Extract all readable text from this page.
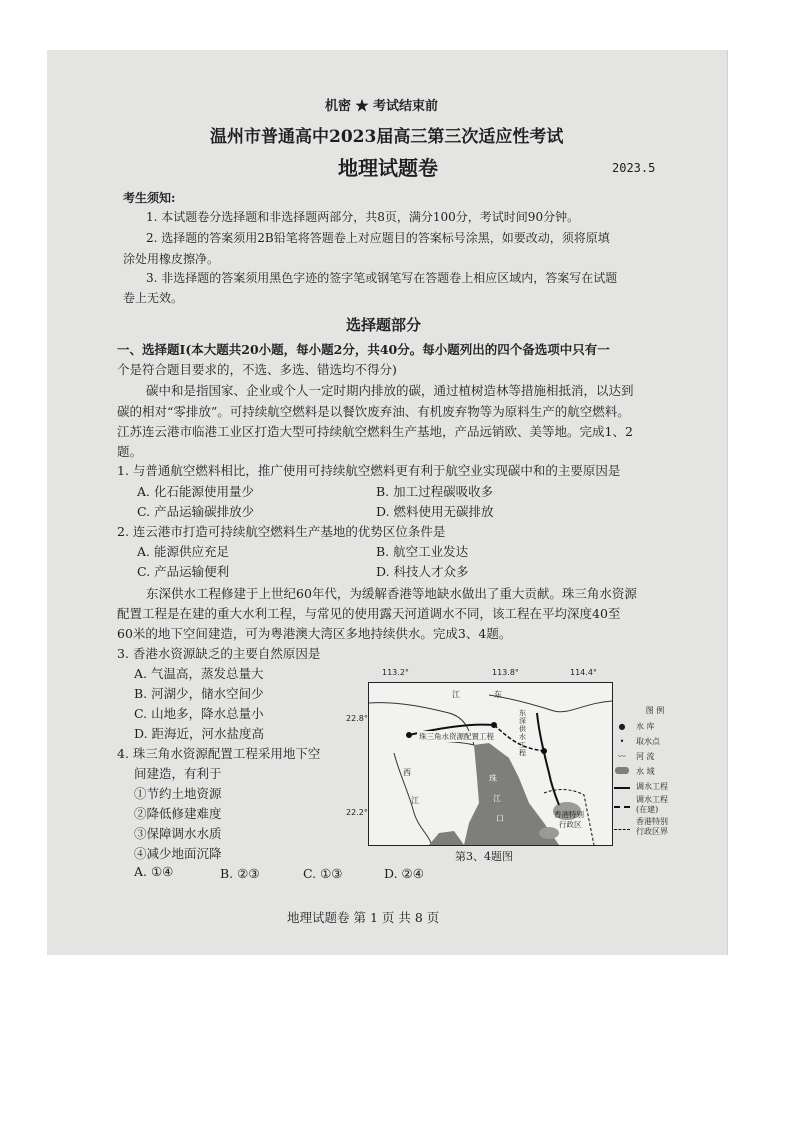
机密 ★ 考试结束前
温州市普通高中2023届高三第三次适应性考试
地理试题卷	2023.5
考生须知:
1. 本试题卷分选择题和非选择题两部分，共8页，满分100分，考试时间90分钟。
2. 选择题的答案须用2B铅笔将答题卷上对应题目的答案标号涂黑，如要改动，须将原填
涂处用橡皮擦净。
3. 非选择题的答案须用黑色字迹的签字笔或钢笔写在答题卷上相应区域内，答案写在试题
卷上无效。
选择题部分
一、选择题Ⅰ(本大题共20小题，每小题2分，共40分。每小题列出的四个备选项中只有一
个是符合题目要求的，不选、多选、错选均不得分)
碳中和是指国家、企业或个人一定时期内排放的碳，通过植树造林等措施相抵消，以达到
碳的相对“零排放”。可持续航空燃料是以餐饮废弃油、有机废弃物等为原料生产的航空燃料。
江苏连云港市临港工业区打造大型可持续航空燃料生产基地，产品远销欧、美等地。完成1、2
题。
1. 与普通航空燃料相比，推广使用可持续航空燃料更有利于航空业实现碳中和的主要原因是
A. 化石能源使用量少	B. 加工过程碳吸收多
C. 产品运输碳排放少	D. 燃料使用无碳排放
2. 连云港市打造可持续航空燃料生产基地的优势区位条件是
A. 能源供应充足	B. 航空工业发达
C. 产品运输便利	D. 科技人才众多
东深供水工程修建于上世纪60年代，为缓解香港等地缺水做出了重大贡献。珠三角水资源
配置工程是在建的重大水利工程，与常见的使用露天河道调水不同，该工程在平均深度40至
60米的地下空间建造，可为粤港澳大湾区多地持续供水。完成3、4题。
3. 香港水资源缺乏的主要自然原因是
A. 气温高，蒸发总量大
B. 河湖少，储水空间少
C. 山地多，降水总量小
D. 距海近，河水盐度高
4. 珠三角水资源配置工程采用地下空
间建造，有利于
①节约土地资源
②降低修建难度
③保障调水水质
④减少地面沉降
A. ①④	B. ②③	C. ①③	D. ②④
113.2°	113.8°	114.4°
22.8°
22.2°
江	东
西
江
珠
江
口
珠三角水资源配置工程
东深供水工程
香港特别
行政区
第3、4题图
图 例
●	水 库
•	取水点
〰	河 流
水 域
调水工程
调水工程
(在建)
香港特别
行政区界
地理试题卷 第 1 页 共 8 页
